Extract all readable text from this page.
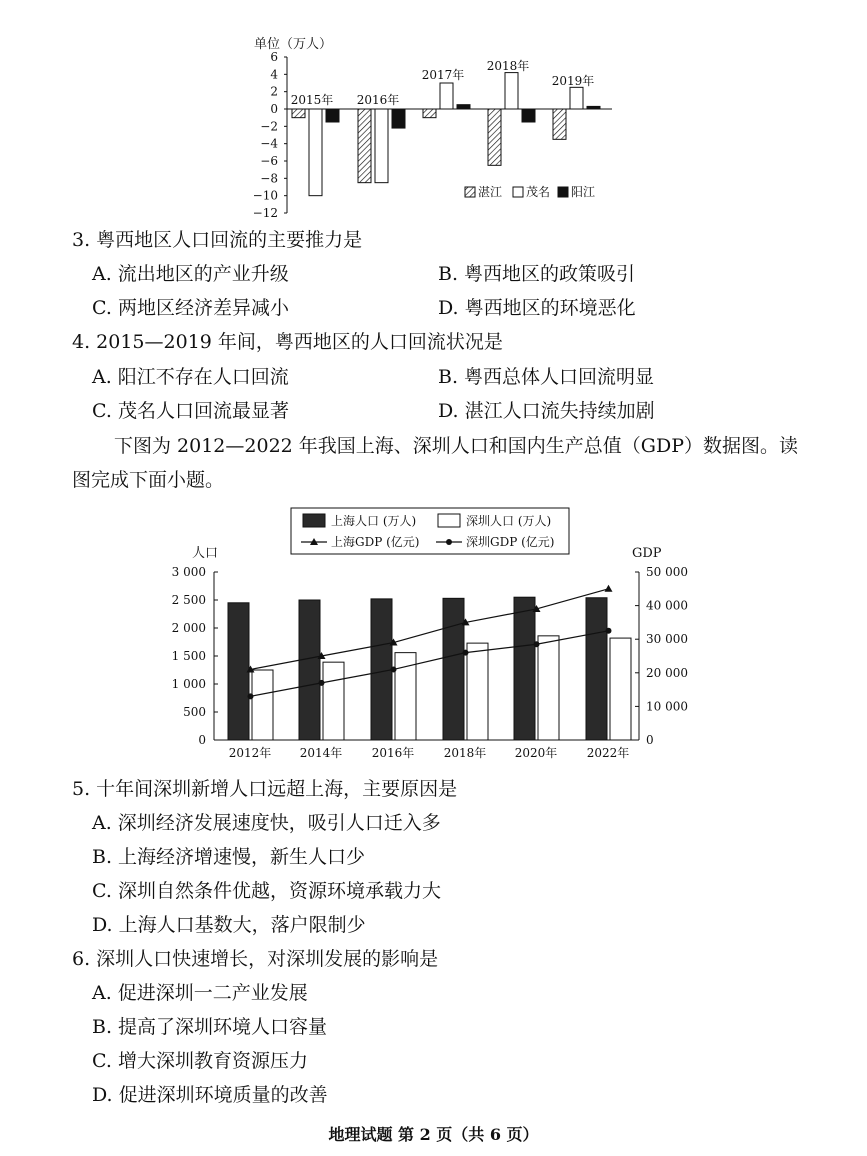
单位（万人）
6
4
2
0
−2
−4
−6
−8
−10
−12
2015年 2016年
2017年
2018年
2019年
湛江 茂名 阳江
3. 粤西地区人口回流的主要推力是
A. 流出地区的产业升级	B. 粤西地区的政策吸引
C. 两地区经济差异减小	D. 粤西地区的环境恶化
4. 2015—2019 年间，粤西地区的人口回流状况是
A. 阳江不存在人口回流	B. 粤西总体人口回流明显
C. 茂名人口回流最显著	D. 湛江人口流失持续加剧
下图为 2012—2022 年我国上海、深圳人口和国内生产总值（GDP）数据图。读图完成下面小题。
上海人口 (万人)	深圳人口 (万人)
上海GDP (亿元)	深圳GDP (亿元)
人口	GDP
3 000
2 500
2 000
1 500
1 000
500
0
50 000
40 000
30 000
20 000
10 000
0
2012年 2014年 2016年 2018年 2020年 2022年
5. 十年间深圳新增人口远超上海，主要原因是
A. 深圳经济发展速度快，吸引人口迁入多
B. 上海经济增速慢，新生人口少
C. 深圳自然条件优越，资源环境承载力大
D. 上海人口基数大，落户限制少
6. 深圳人口快速增长，对深圳发展的影响是
A. 促进深圳一二产业发展
B. 提高了深圳环境人口容量
C. 增大深圳教育资源压力
D. 促进深圳环境质量的改善
地理试题 第 2 页（共 6 页）
